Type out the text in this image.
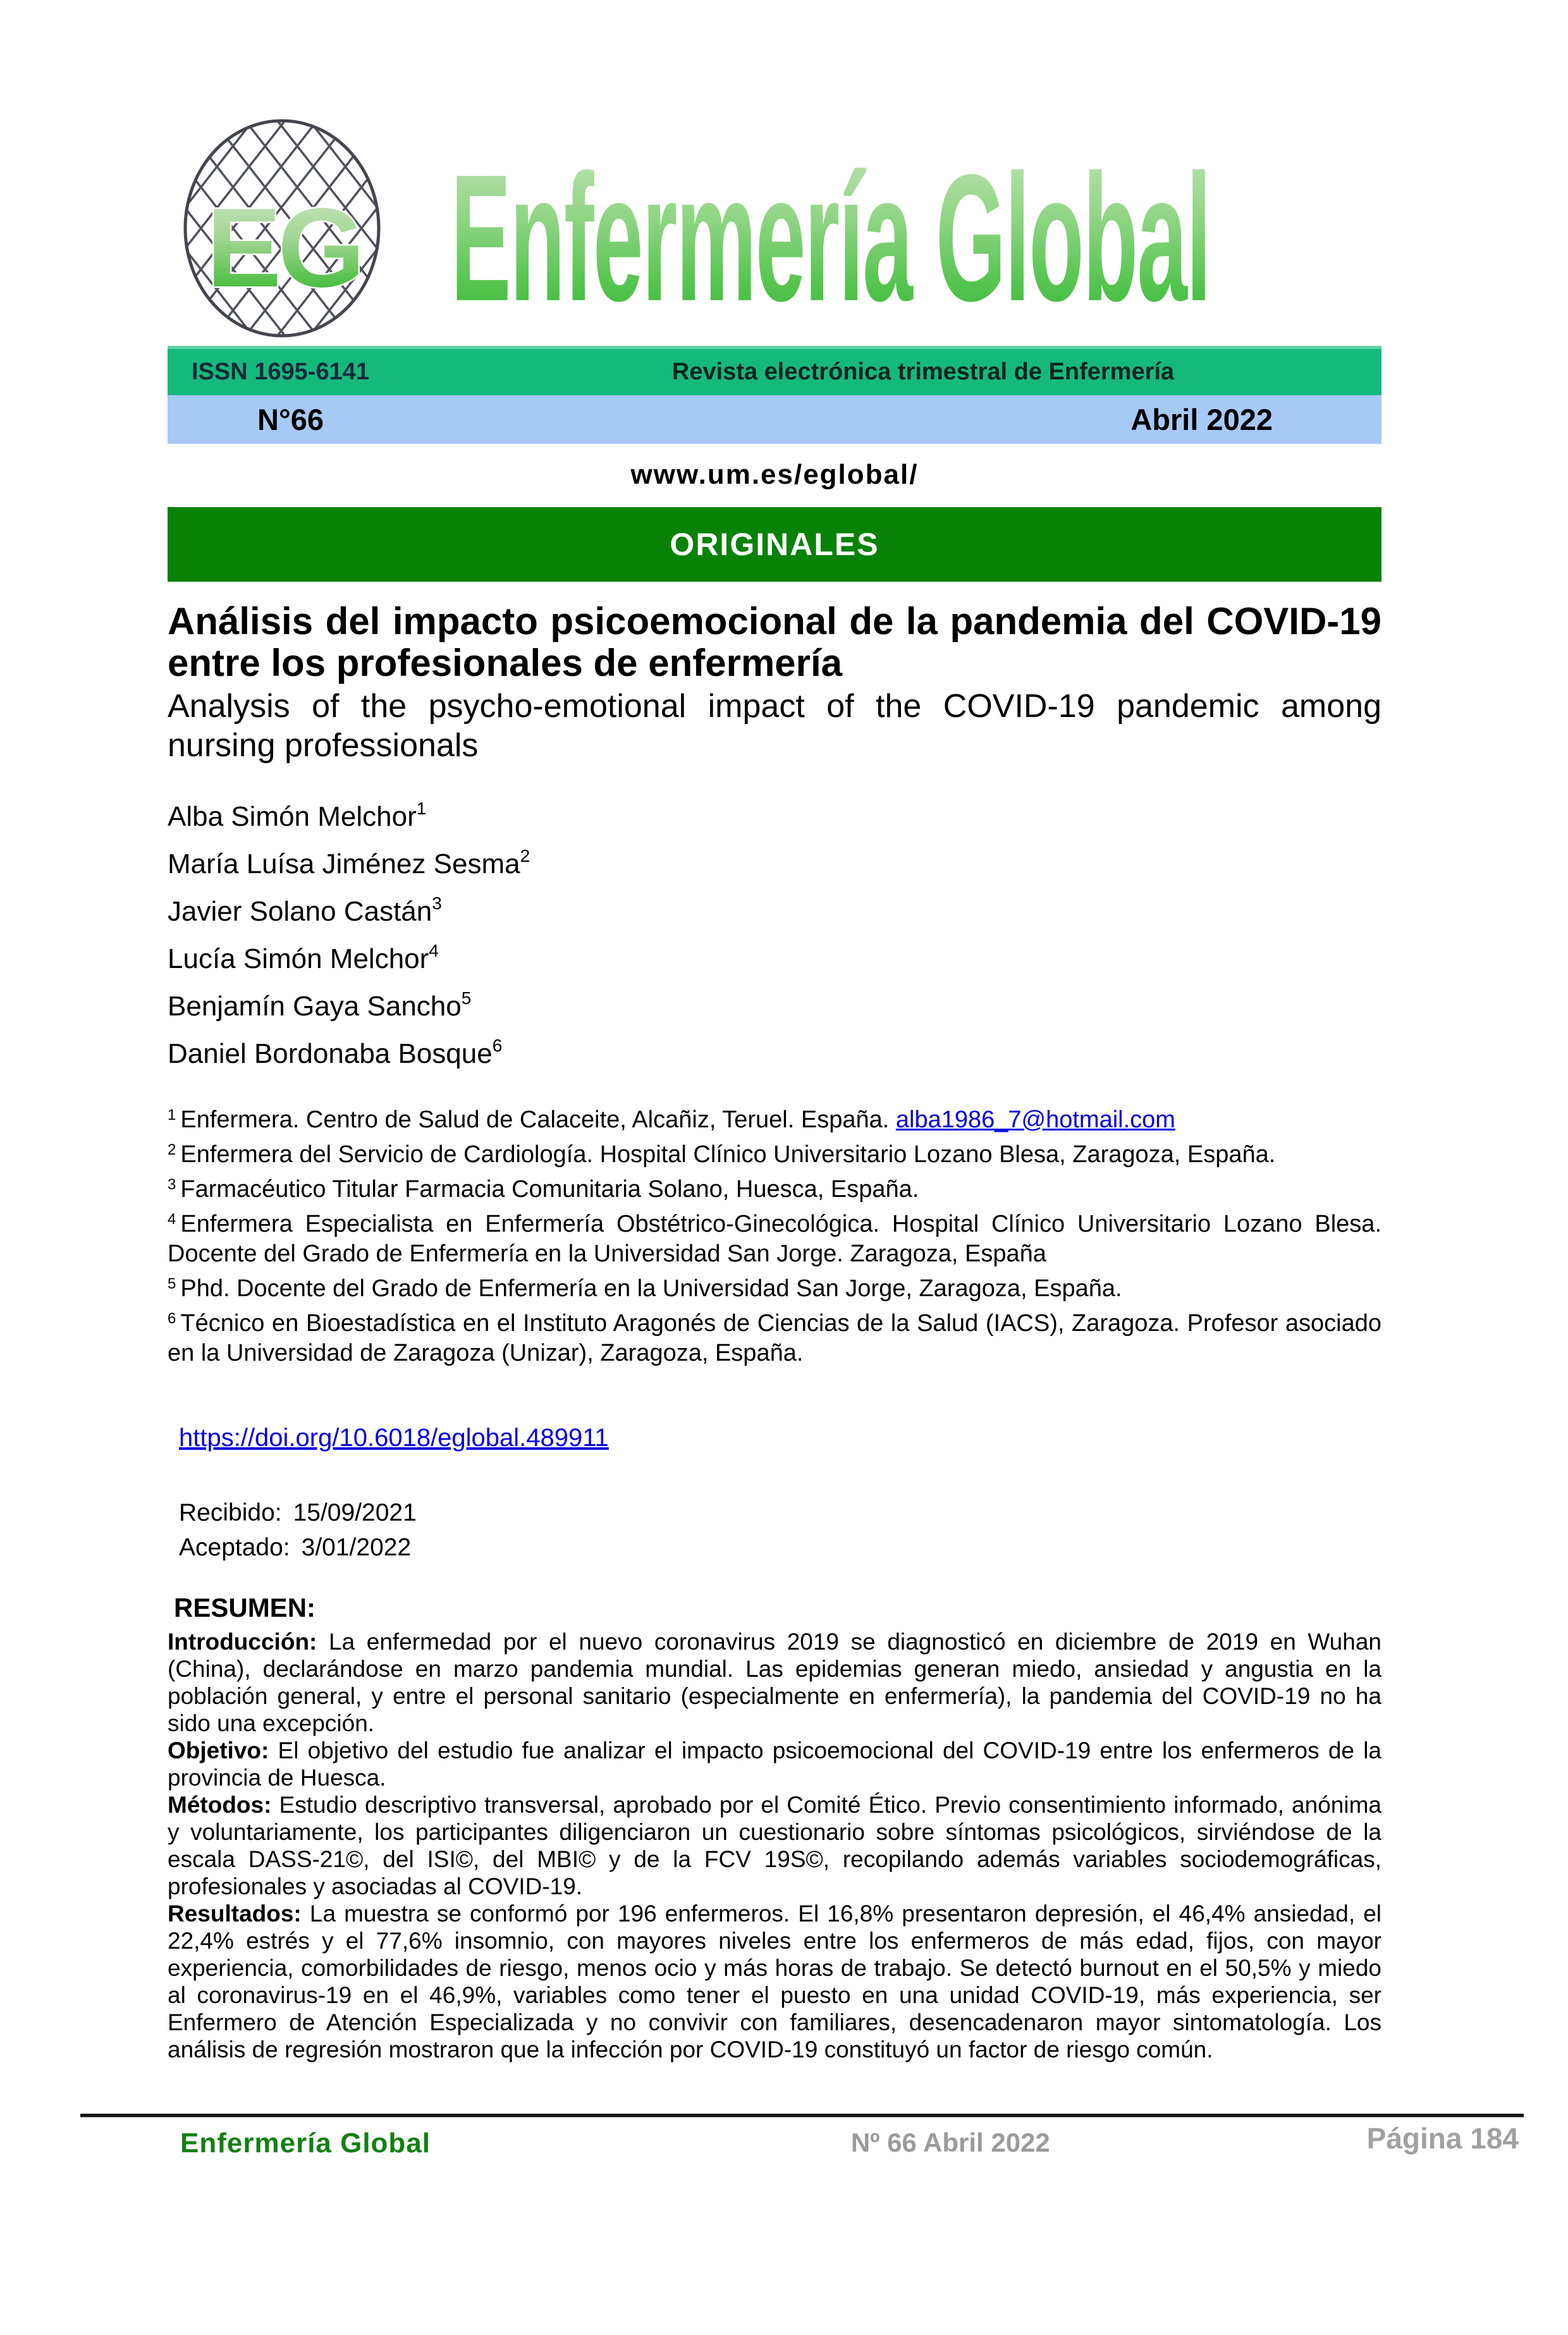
EG Enfermería Global
ISSN 1695-6141	Revista electrónica trimestral de Enfermería
N°66	Abril 2022
www.um.es/eglobal/
ORIGINALES
Análisis del impacto psicoemocional de la pandemia del COVID-19 entre los profesionales de enfermería
Analysis of the psycho-emotional impact of the COVID-19 pandemic among nursing professionals
Alba Simón Melchor$^1$
María Luísa Jiménez Sesma$^2$
Javier Solano Castán$^3$
Lucía Simón Melchor$^4$
Benjamín Gaya Sancho$^5$
Daniel Bordonaba Bosque$^6$
$^1$ Enfermera. Centro de Salud de Calaceite, Alcañiz, Teruel. España. alba1986_7@hotmail.com
$^2$ Enfermera del Servicio de Cardiología. Hospital Clínico Universitario Lozano Blesa, Zaragoza, España.
$^3$ Farmacéutico Titular Farmacia Comunitaria Solano, Huesca, España.
$^4$ Enfermera Especialista en Enfermería Obstétrico-Ginecológica. Hospital Clínico Universitario Lozano Blesa. Docente del Grado de Enfermería en la Universidad San Jorge. Zaragoza, España
$^5$ Phd. Docente del Grado de Enfermería en la Universidad San Jorge, Zaragoza, España.
$^6$ Técnico en Bioestadística en el Instituto Aragonés de Ciencias de la Salud (IACS), Zaragoza. Profesor asociado en la Universidad de Zaragoza (Unizar), Zaragoza, España.
https://doi.org/10.6018/eglobal.489911
Recibido: 15/09/2021
Aceptado: 3/01/2022
RESUMEN:

Introducción: La enfermedad por el nuevo coronavirus 2019 se diagnosticó en diciembre de 2019 en Wuhan (China), declarándose en marzo pandemia mundial. Las epidemias generan miedo, ansiedad y angustia en la población general, y entre el personal sanitario (especialmente en enfermería), la pandemia del COVID-19 no ha sido una excepción.

Objetivo: El objetivo del estudio fue analizar el impacto psicoemocional del COVID-19 entre los enfermeros de la provincia de Huesca.

Métodos: Estudio descriptivo transversal, aprobado por el Comité Ético. Previo consentimiento informado, anónima y voluntariamente, los participantes diligenciaron un cuestionario sobre síntomas psicológicos, sirviéndose de la escala DASS-21©, del ISI©, del MBI© y de la FCV 19S©, recopilando además variables sociodemográficas, profesionales y asociadas al COVID-19.

Resultados: La muestra se conformó por 196 enfermeros. El 16,8% presentaron depresión, el 46,4% ansiedad, el 22,4% estrés y el 77,6% insomnio, con mayores niveles entre los enfermeros de más edad, fijos, con mayor experiencia, comorbilidades de riesgo, menos ocio y más horas de trabajo. Se detectó burnout en el 50,5% y miedo al coronavirus-19 en el 46,9%, variables como tener el puesto en una unidad COVID-19, más experiencia, ser Enfermero de Atención Especializada y no convivir con familiares, desencadenaron mayor sintomatología. Los análisis de regresión mostraron que la infección por COVID-19 constituyó un factor de riesgo común.

Enfermería Global	Nº 66 Abril 2022	Página 184
